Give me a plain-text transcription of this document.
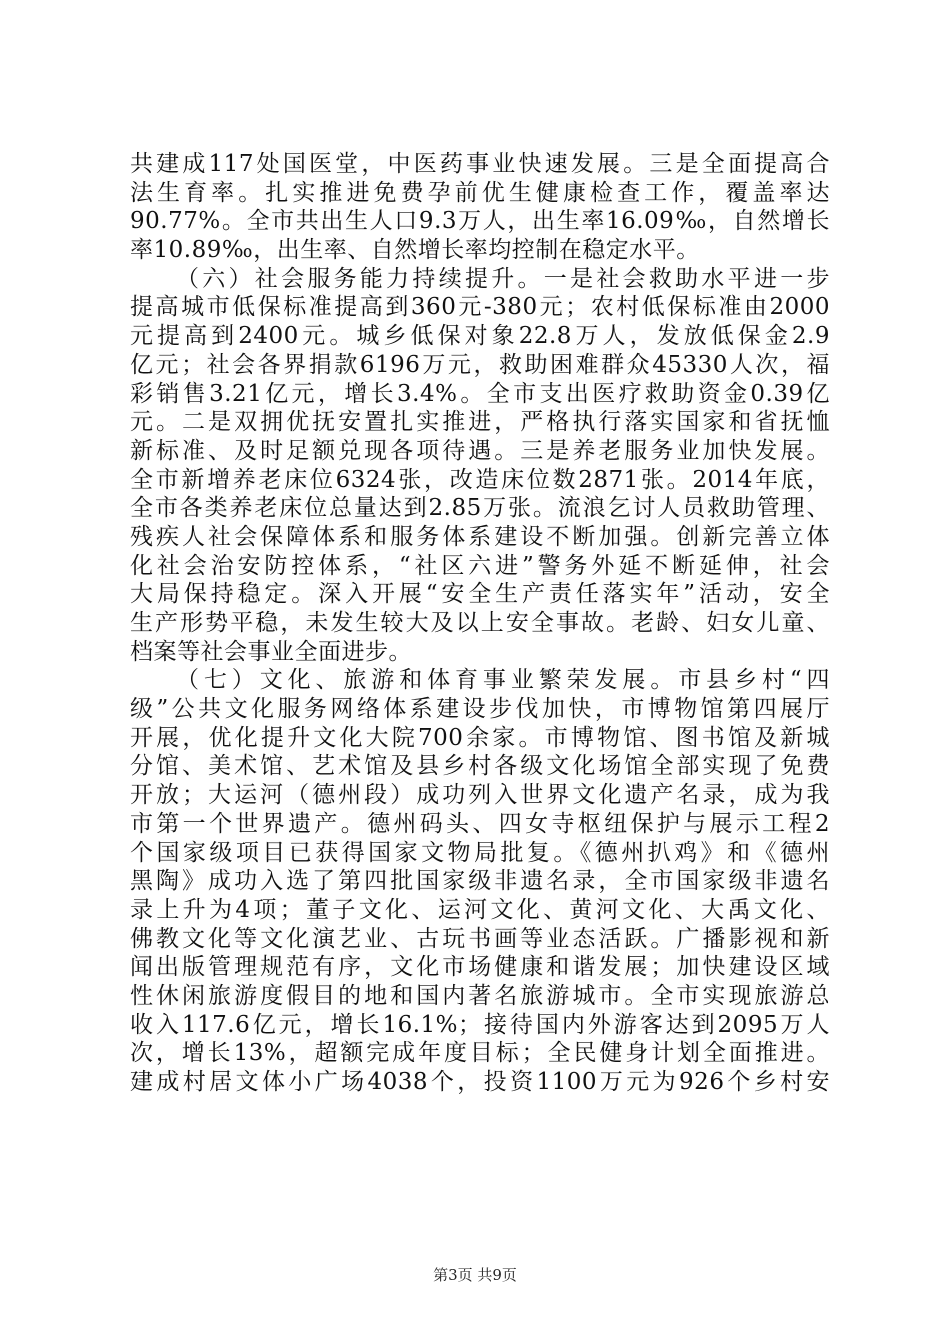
共建成117处国医堂，中医药事业快速发展。三是全面提高合
法生育率。扎实推进免费孕前优生健康检查工作，覆盖率达
90.77%。全市共出生人口9.3万人，出生率16.09‰，自然增长
率10.89‰，出生率、自然增长率均控制在稳定水平。
（六）社会服务能力持续提升。一是社会救助水平进一步
提高城市低保标准提高到360元-380元；农村低保标准由2000
元提高到2400元。城乡低保对象22.8万人，发放低保金2.9
亿元；社会各界捐款6196万元，救助困难群众45330人次，福
彩销售3.21亿元，增长3.4%。全市支出医疗救助资金0.39亿
元。二是双拥优抚安置扎实推进，严格执行落实国家和省抚恤
新标准、及时足额兑现各项待遇。三是养老服务业加快发展。
全市新增养老床位6324张，改造床位数2871张。2014年底，
全市各类养老床位总量达到2.85万张。流浪乞讨人员救助管理、
残疾人社会保障体系和服务体系建设不断加强。创新完善立体
化社会治安防控体系，“社区六进”警务外延不断延伸，社会
大局保持稳定。深入开展“安全生产责任落实年”活动，安全
生产形势平稳，未发生较大及以上安全事故。老龄、妇女儿童、
档案等社会事业全面进步。
（七）文化、旅游和体育事业繁荣发展。市县乡村“四
级”公共文化服务网络体系建设步伐加快，市博物馆第四展厅
开展，优化提升文化大院700余家。市博物馆、图书馆及新城
分馆、美术馆、艺术馆及县乡村各级文化场馆全部实现了免费
开放；大运河（德州段）成功列入世界文化遗产名录，成为我
市第一个世界遗产。德州码头、四女寺枢纽保护与展示工程2
个国家级项目已获得国家文物局批复。《德州扒鸡》和《德州
黑陶》成功入选了第四批国家级非遗名录，全市国家级非遗名
录上升为4项；董子文化、运河文化、黄河文化、大禹文化、
佛教文化等文化演艺业、古玩书画等业态活跃。广播影视和新
闻出版管理规范有序，文化市场健康和谐发展；加快建设区域
性休闲旅游度假目的地和国内著名旅游城市。全市实现旅游总
收入117.6亿元，增长16.1%；接待国内外游客达到2095万人
次，增长13%，超额完成年度目标；全民健身计划全面推进。
建成村居文体小广场4038个，投资1100万元为926个乡村安
第3页 共9页
